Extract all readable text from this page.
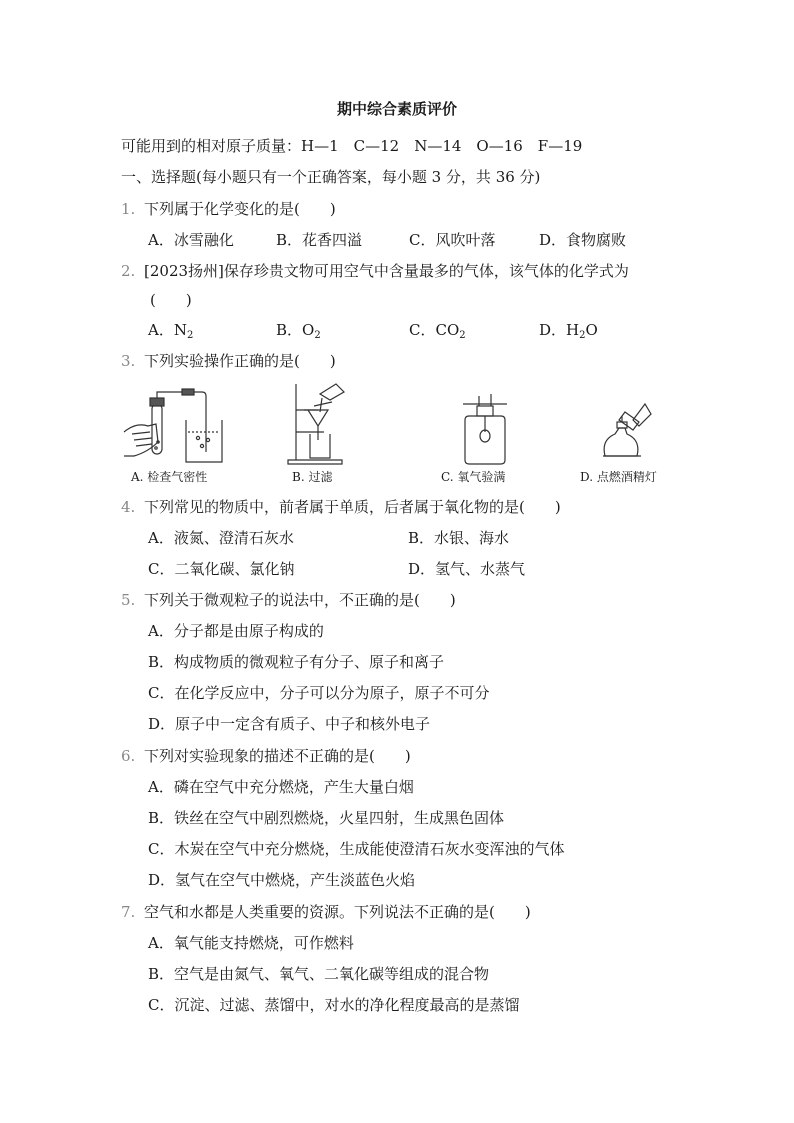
期中综合素质评价
可能用到的相对原子质量：H—1　C—12　N—14　O—16　F—19
一、选择题(每小题只有一个正确答案，每小题 3 分，共 36 分)
1. 下列属于化学变化的是(　　)
A．冰雪融化	B．花香四溢	C．风吹叶落	D．食物腐败
2. [2023扬州]保存珍贵文物可用空气中含量最多的气体，该气体的化学式为
(　　)
A．$N_2$	B．$O_2$	C．$CO_2$	D．$H_2O$
3. 下列实验操作正确的是(　　)
A. 检查气密性	B. 过滤	C. 氧气验满	D. 点燃酒精灯
4. 下列常见的物质中，前者属于单质，后者属于氧化物的是(　　)
A．液氮、澄清石灰水	B．水银、海水
C．二氧化碳、氯化钠	D．氢气、水蒸气
5. 下列关于微观粒子的说法中，不正确的是(　　)
A．分子都是由原子构成的
B．构成物质的微观粒子有分子、原子和离子
C．在化学反应中，分子可以分为原子，原子不可分
D．原子中一定含有质子、中子和核外电子
6. 下列对实验现象的描述不正确的是(　　)
A．磷在空气中充分燃烧，产生大量白烟
B．铁丝在空气中剧烈燃烧，火星四射，生成黑色固体
C．木炭在空气中充分燃烧，生成能使澄清石灰水变浑浊的气体
D．氢气在空气中燃烧，产生淡蓝色火焰
7. 空气和水都是人类重要的资源。下列说法不正确的是(　　)
A．氧气能支持燃烧，可作燃料
B．空气是由氮气、氧气、二氧化碳等组成的混合物
C．沉淀、过滤、蒸馏中，对水的净化程度最高的是蒸馏
